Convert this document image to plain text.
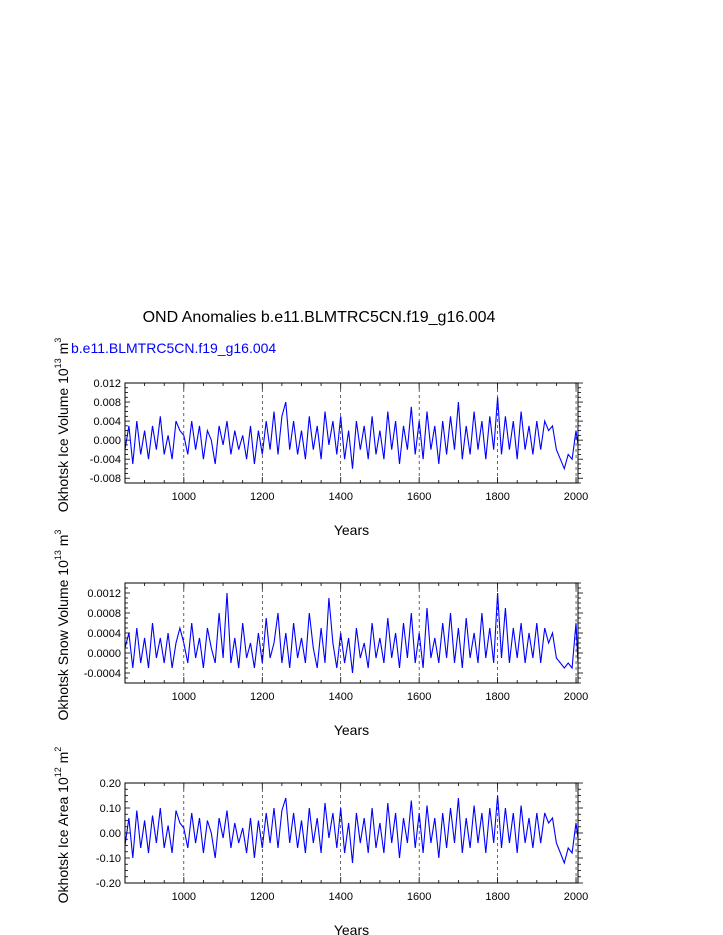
OND Anomalies b.e11.BLMTRC5CN.f19_g16.004
b.e11.BLMTRC5CN.f19_g16.004
1000	1200	1400	1600	1800	2000
-0.008
-0.004
0.000
0.004
0.008
0.012
Years
Okhotsk Ice Volume $10^{13}$ $m^3$
1000	1200	1400	1600	1800	2000
-0.0004
0.0000
0.0004
0.0008
0.0012
Years
Okhotsk Snow Volume $10^{13}$ $m^3$
1000	1200	1400	1600	1800	2000
-0.20
-0.10
0.00
0.10
0.20
Years
Okhotsk Ice Area $10^{12}$ $m^2$
